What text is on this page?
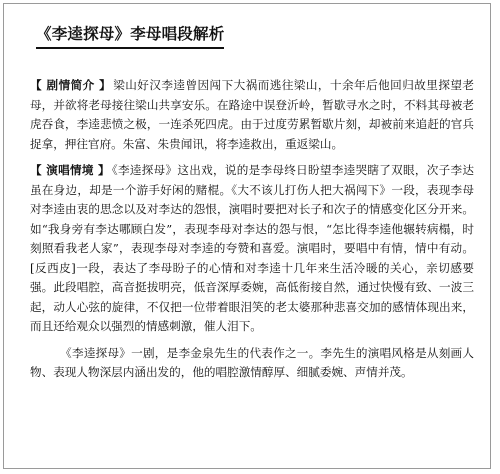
《李逵探母》李母唱段解析

【 剧情简介 】 梁山好汉李逵曾因闯下大祸而逃往梁山，十余年后他回归故里探望老母，并欲将老母接往梁山共享安乐。在路途中误登沂岭，暂歇寻水之时，不料其母被老虎吞食，李逵悲愤之极，一连杀死四虎。由于过度劳累暂歇片刻，却被前来追赶的官兵捉拿，押往官府。朱富、朱贵闻讯，将李逵救出，重返梁山。

【 演唱情境 】 《李逵探母》这出戏，说的是李母终日盼望李逵哭瞎了双眼，次子李达虽在身边，却是一个游手好闲的赌棍。《大不该儿打伤人把大祸闯下》一段，表现李母对李逵由衷的思念以及对李达的怨恨，演唱时要把对长子和次子的情感变化区分开来。如“我身旁有李达哪顾白发”，表现李母对李达的怨与恨，“怎比得李逵他辗转病榻，时刻照看我老人家”，表现李母对李逵的夸赞和喜爱。演唱时，要唱中有情，情中有动。[反西皮]一段，表达了李母盼子的心情和对李逵十几年来生活冷暖的关心，亲切感要强。此段唱腔，高音挺拔明亮，低音深厚委婉，高低衔接自然，通过快慢有致、一波三起，动人心弦的旋律，不仅把一位带着眼泪笑的老太婆那种悲喜交加的感情体现出来，而且还给观众以强烈的情感刺激，催人泪下。

《李逵探母》一剧，是李金泉先生的代表作之一。李先生的演唱风格是从刻画人物、表现人物深层内涵出发的，他的唱腔激情醇厚、细腻委婉、声情并茂。
